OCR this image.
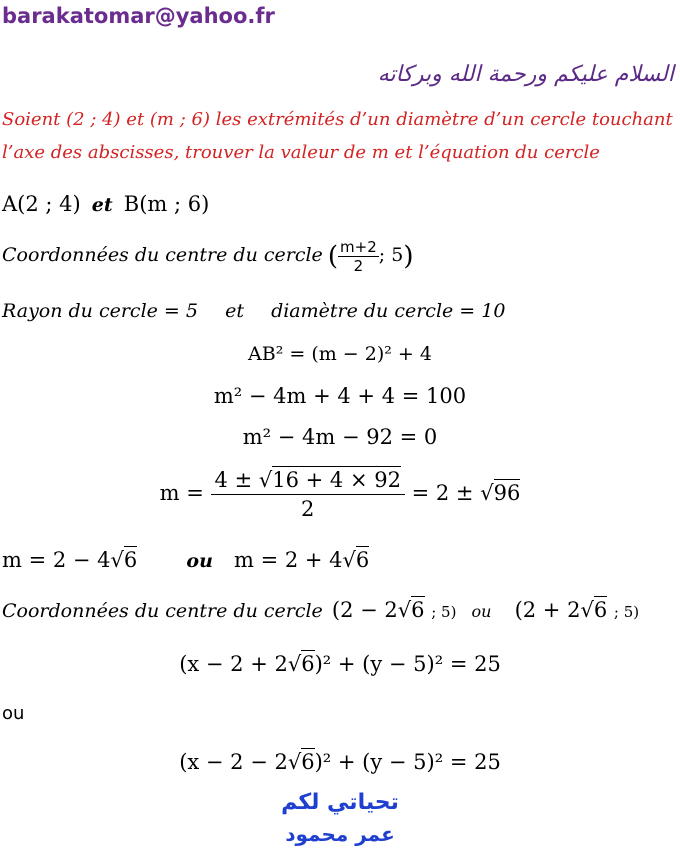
barakatomar@yahoo.fr
السلام عليكم ورحمة الله وبركاته
Soient (2 ; 4) et (m ; 6) les extrémités d’un diamètre d’un cercle touchant
l’axe des abscisses, trouver la valeur de m et l’équation du cercle
A(2 ; 4) et B(m ; 6)
Coordonnées du centre du cercle ( $\frac{m+2}{2}$ ; 5)
Rayon du cercle = 5 et diamètre du cercle = 10
AB² = (m − 2)² + 4
m² − 4m + 4 + 4 = 100
m² − 4m − 92 = 0
$m = \frac{4 \pm √16 + 4 \times 92}{2} = 2 \pm √96$
m = 2 − 4√6	ou m = 2 + 4√6
Coordonnées du centre du cercle (2 − 2√6 ; 5) ou (2 + 2√6 ; 5)
(x − 2 + 2√6)² + (y − 5)² = 25
ou
(x − 2 − 2√6)² + (y − 5)² = 25
تحياتي لكم
عمر محمود
